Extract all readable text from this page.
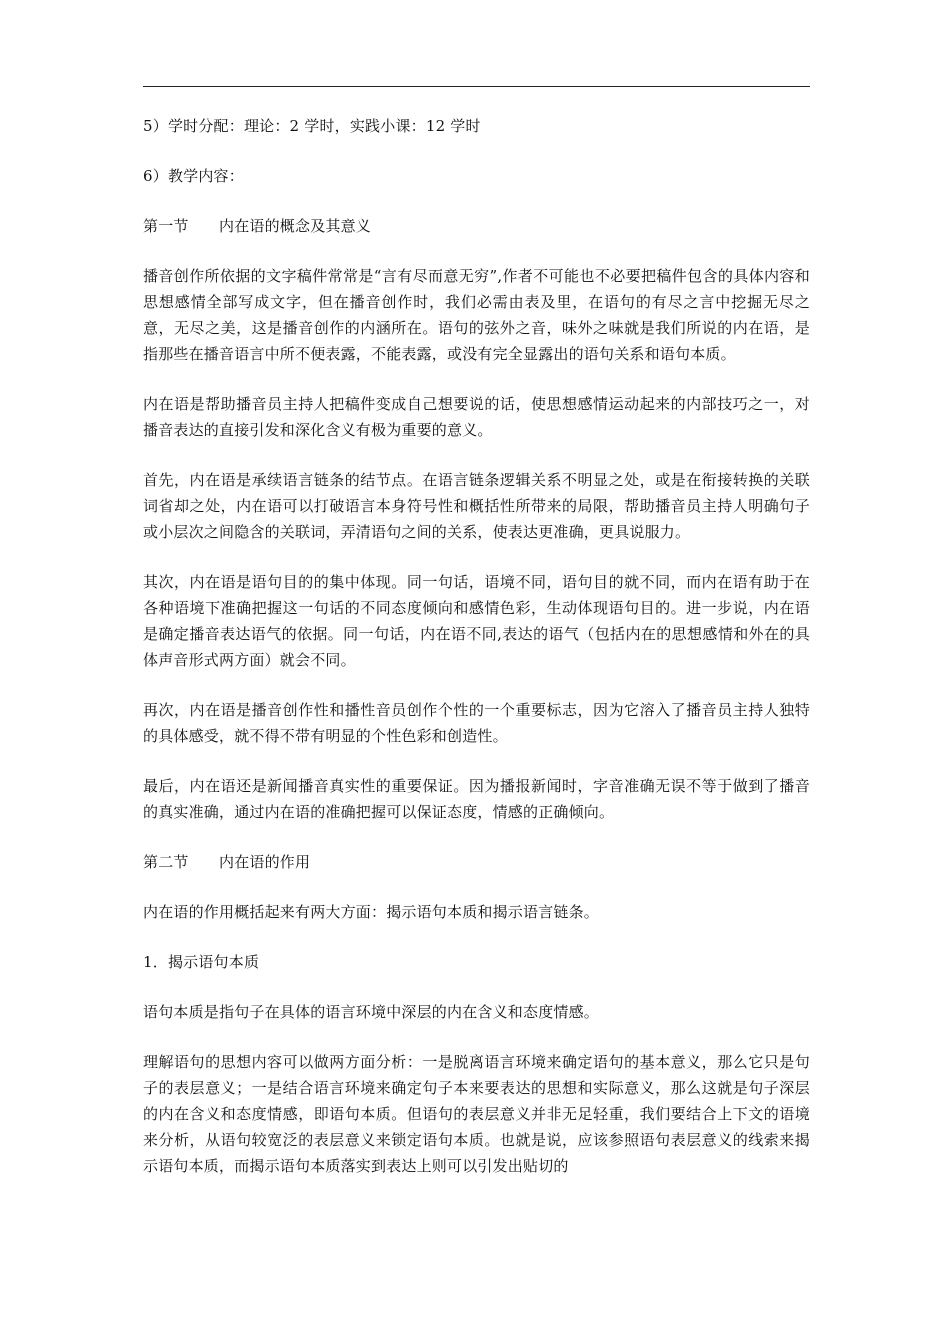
5）学时分配：理论：2 学时，实践小课：12 学时

6）教学内容：

第一节 内在语的概念及其意义

播音创作所依据的文字稿件常常是“言有尽而意无穷”,作者不可能也不必要把稿件包含的具体内容和思想感情全部写成文字，但在播音创作时，我们必需由表及里，在语句的有尽之言中挖掘无尽之意，无尽之美，这是播音创作的内涵所在。语句的弦外之音，味外之味就是我们所说的内在语，是指那些在播音语言中所不便表露，不能表露，或没有完全显露出的语句关系和语句本质。

内在语是帮助播音员主持人把稿件变成自己想要说的话，使思想感情运动起来的内部技巧之一，对播音表达的直接引发和深化含义有极为重要的意义。

首先，内在语是承续语言链条的结节点。在语言链条逻辑关系不明显之处，或是在衔接转换的关联词省却之处，内在语可以打破语言本身符号性和概括性所带来的局限，帮助播音员主持人明确句子或小层次之间隐含的关联词，弄清语句之间的关系，使表达更准确，更具说服力。

其次，内在语是语句目的的集中体现。同一句话，语境不同，语句目的就不同，而内在语有助于在各种语境下准确把握这一句话的不同态度倾向和感情色彩，生动体现语句目的。进一步说，内在语是确定播音表达语气的依据。同一句话，内在语不同,表达的语气（包括内在的思想感情和外在的具体声音形式两方面）就会不同。

再次，内在语是播音创作性和播性音员创作个性的一个重要标志，因为它溶入了播音员主持人独特的具体感受，就不得不带有明显的个性色彩和创造性。

最后，内在语还是新闻播音真实性的重要保证。因为播报新闻时，字音准确无误不等于做到了播音的真实准确，通过内在语的准确把握可以保证态度，情感的正确倾向。

第二节 内在语的作用

内在语的作用概括起来有两大方面：揭示语句本质和揭示语言链条。

1．揭示语句本质

语句本质是指句子在具体的语言环境中深层的内在含义和态度情感。

理解语句的思想内容可以做两方面分析：一是脱离语言环境来确定语句的基本意义，那么它只是句子的表层意义；一是结合语言环境来确定句子本来要表达的思想和实际意义，那么这就是句子深层的内在含义和态度情感，即语句本质。但语句的表层意义并非无足轻重，我们要结合上下文的语境来分析，从语句较宽泛的表层意义来锁定语句本质。也就是说，应该参照语句表层意义的线索来揭示语句本质，而揭示语句本质落实到表达上则可以引发出贴切的
